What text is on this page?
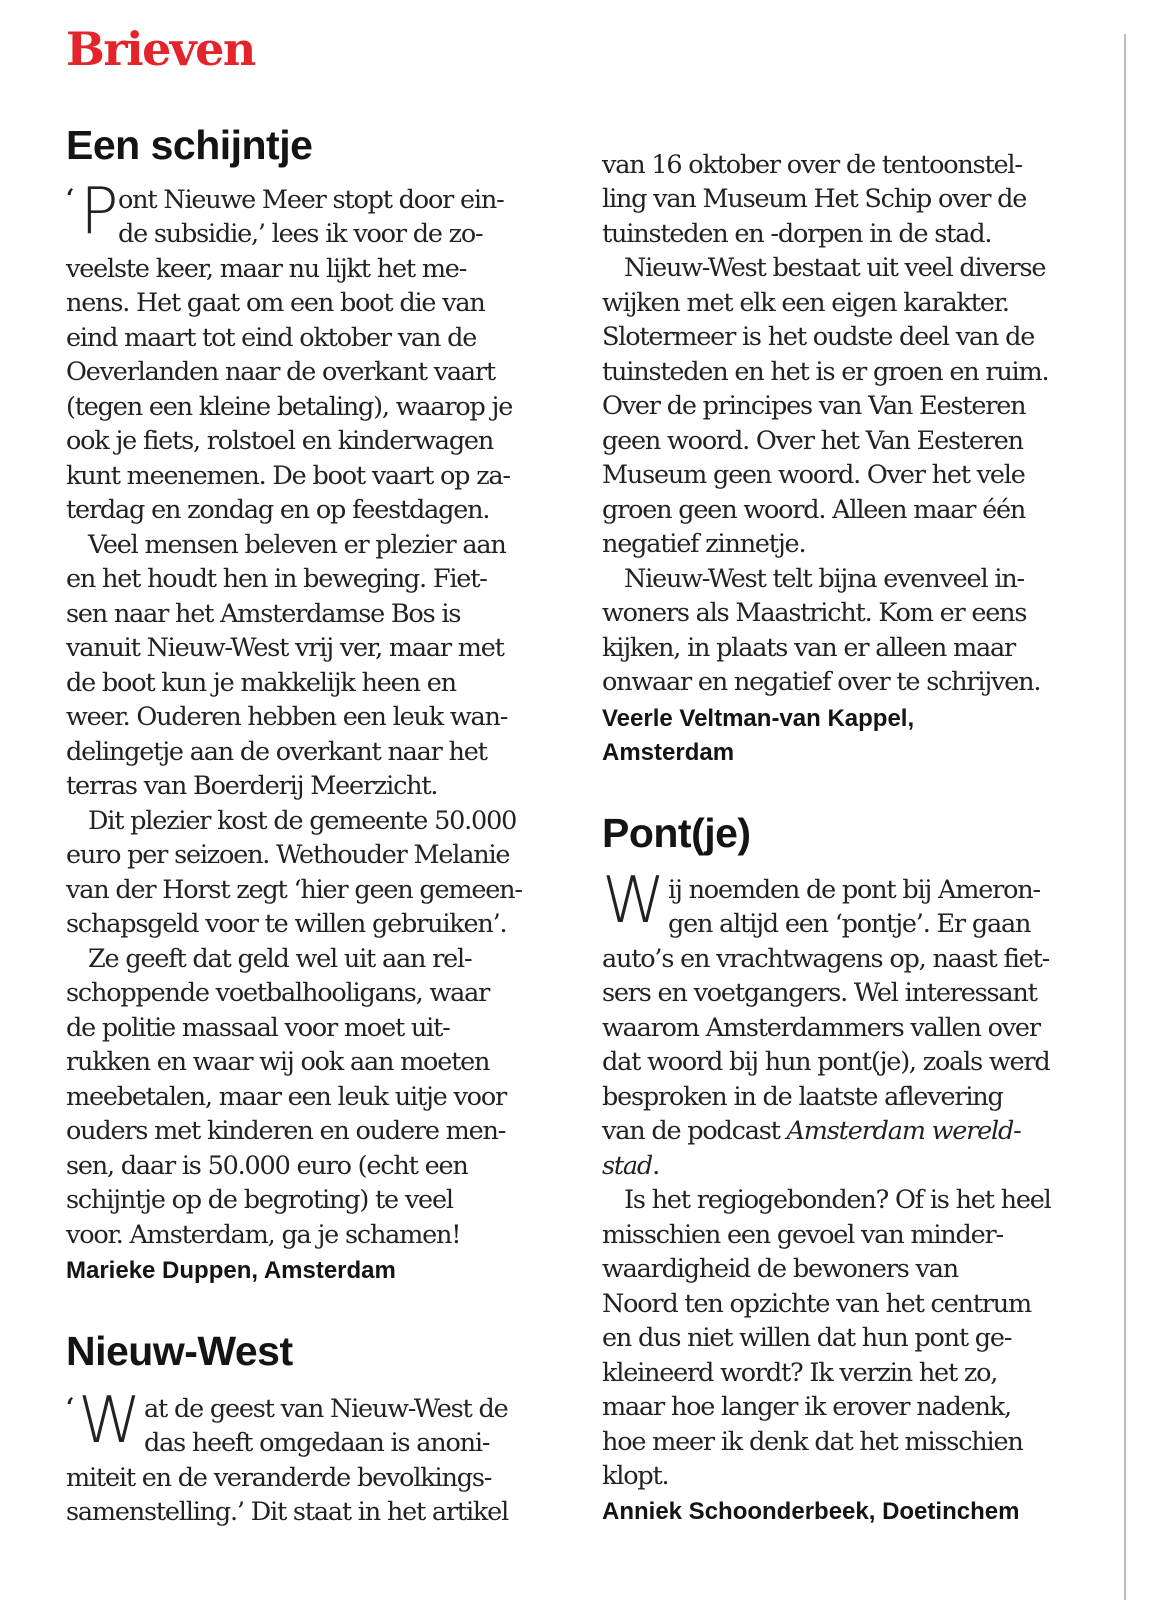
Brieven
Een schijntje
‘ P ont Nieuwe Meer stopt door ein-

de subsidie,’ lees ik voor de zo-

veelste keer, maar nu lijkt het me-

nens. Het gaat om een boot die van

eind maart tot eind oktober van de

Oeverlanden naar de overkant vaart

(tegen een kleine betaling), waarop je

ook je fiets, rolstoel en kinderwagen

kunt meenemen. De boot vaart op za-

terdag en zondag en op feestdagen.

Veel mensen beleven er plezier aan

en het houdt hen in beweging. Fiet-

sen naar het Amsterdamse Bos is

vanuit Nieuw-West vrij ver, maar met

de boot kun je makkelijk heen en

weer. Ouderen hebben een leuk wan-

delingetje aan de overkant naar het

terras van Boerderij Meerzicht.

Dit plezier kost de gemeente 50.000

euro per seizoen. Wethouder Melanie

van der Horst zegt ‘hier geen gemeen-

schapsgeld voor te willen gebruiken’.

Ze geeft dat geld wel uit aan rel-

schoppende voetbalhooligans, waar

de politie massaal voor moet uit-

rukken en waar wij ook aan moeten

meebetalen, maar een leuk uitje voor

ouders met kinderen en oudere men-

sen, daar is 50.000 euro (echt een

schijntje op de begroting) te veel

voor. Amsterdam, ga je schamen!

Marieke Duppen, Amsterdam

Nieuw-West
‘ W at de geest van Nieuw-West de

das heeft omgedaan is anoni-

miteit en de veranderde bevolkings-

samenstelling.’ Dit staat in het artikel

van 16 oktober over de tentoonstel-

ling van Museum Het Schip over de

tuinsteden en -dorpen in de stad.

Nieuw-West bestaat uit veel diverse

wijken met elk een eigen karakter.

Slotermeer is het oudste deel van de

tuinsteden en het is er groen en ruim.

Over de principes van Van Eesteren

geen woord. Over het Van Eesteren

Museum geen woord. Over het vele

groen geen woord. Alleen maar één

negatief zinnetje.

Nieuw-West telt bijna evenveel in-

woners als Maastricht. Kom er eens

kijken, in plaats van er alleen maar

onwaar en negatief over te schrijven.

Veerle Veltman-van Kappel,

Amsterdam

Pont(je)
W ij noemden de pont bij Ameron-

gen altijd een ‘pontje’. Er gaan

auto’s en vrachtwagens op, naast fiet-

sers en voetgangers. Wel interessant

waarom Amsterdammers vallen over

dat woord bij hun pont(je), zoals werd

besproken in de laatste aflevering

van de podcast Amsterdam wereld-

stad.

Is het regiogebonden? Of is het heel

misschien een gevoel van minder-

waardigheid de bewoners van

Noord ten opzichte van het centrum

en dus niet willen dat hun pont ge-

kleineerd wordt? Ik verzin het zo,

maar hoe langer ik erover nadenk,

hoe meer ik denk dat het misschien

klopt.

Anniek Schoonderbeek, Doetinchem
